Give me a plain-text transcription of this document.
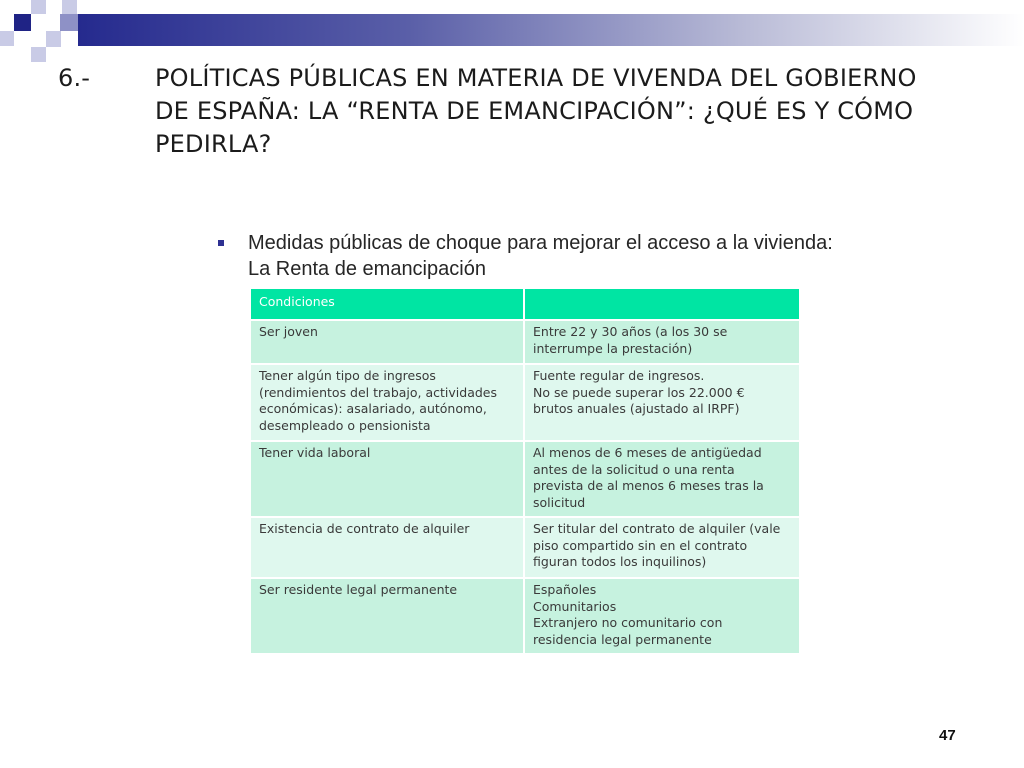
6.-	POLÍTICAS PÚBLICAS EN MATERIA DE VIVENDA DEL GOBIERNO DE ESPAÑA: LA “RENTA DE EMANCIPACIÓN”: ¿QUÉ ES Y CÓMO PEDIRLA?
Medidas públicas de choque para mejorar el acceso a la vivienda: La Renta de emancipación
Condiciones	

Ser joven	Entre 22 y 30 años (a los 30 se
interrumpe la prestación)

Tener algún tipo de ingresos
(rendimientos del trabajo, actividades
económicas): asalariado, autónomo,
desempleado o pensionista	Fuente regular de ingresos.
No se puede superar los 22.000 €
brutos anuales (ajustado al IRPF)

Tener vida laboral	Al menos de 6 meses de antigüedad
antes de la solicitud o una renta
prevista de al menos 6 meses tras la
solicitud

Existencia de contrato de alquiler	Ser titular del contrato de alquiler (vale
piso compartido sin en el contrato
figuran todos los inquilinos)

Ser residente legal permanente	Españoles
Comunitarios
Extranjero no comunitario con
residencia legal permanente
47
